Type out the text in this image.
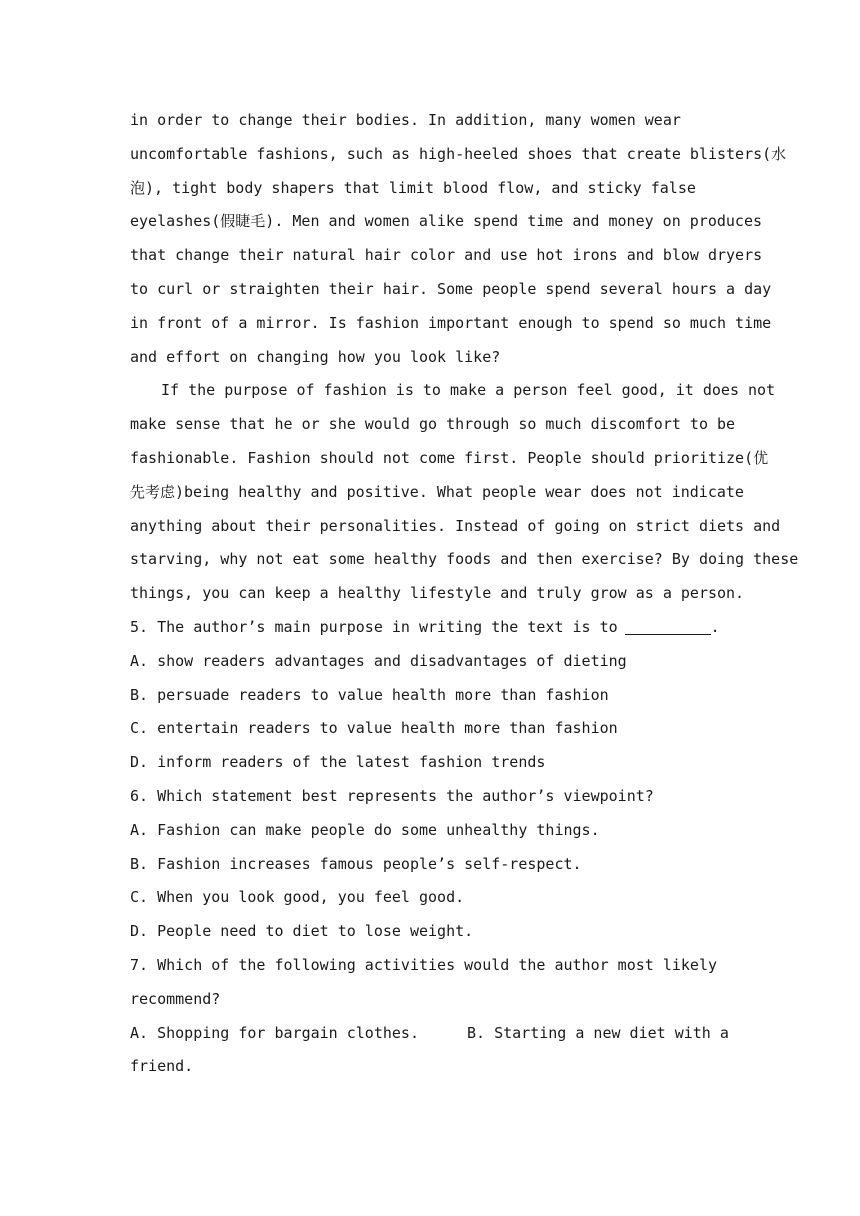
in order to change their bodies. In addition, many women wear
uncomfortable fashions, such as high-heeled shoes that create blisters(水
泡), tight body shapers that limit blood flow, and sticky false
eyelashes(假睫毛). Men and women alike spend time and money on produces
that change their natural hair color and use hot irons and blow dryers
to curl or straighten their hair. Some people spend several hours a day
in front of a mirror. Is fashion important enough to spend so much time
and effort on changing how you look like?
If the purpose of fashion is to make a person feel good, it does not
make sense that he or she would go through so much discomfort to be
fashionable. Fashion should not come first. People should prioritize(优
先考虑)being healthy and positive. What people wear does not indicate
anything about their personalities. Instead of going on strict diets and
starving, why not eat some healthy foods and then exercise? By doing these
things, you can keep a healthy lifestyle and truly grow as a person.
5. The author’s main purpose in writing the text is to	.
A. show readers advantages and disadvantages of dieting
B. persuade readers to value health more than fashion
C. entertain readers to value health more than fashion
D. inform readers of the latest fashion trends
6. Which statement best represents the author’s viewpoint?
A. Fashion can make people do some unhealthy things.
B. Fashion increases famous people’s self-respect.
C. When you look good, you feel good.
D. People need to diet to lose weight.
7. Which of the following activities would the author most likely
recommend?
A. Shopping for bargain clothes.	B. Starting a new diet with a
friend.
